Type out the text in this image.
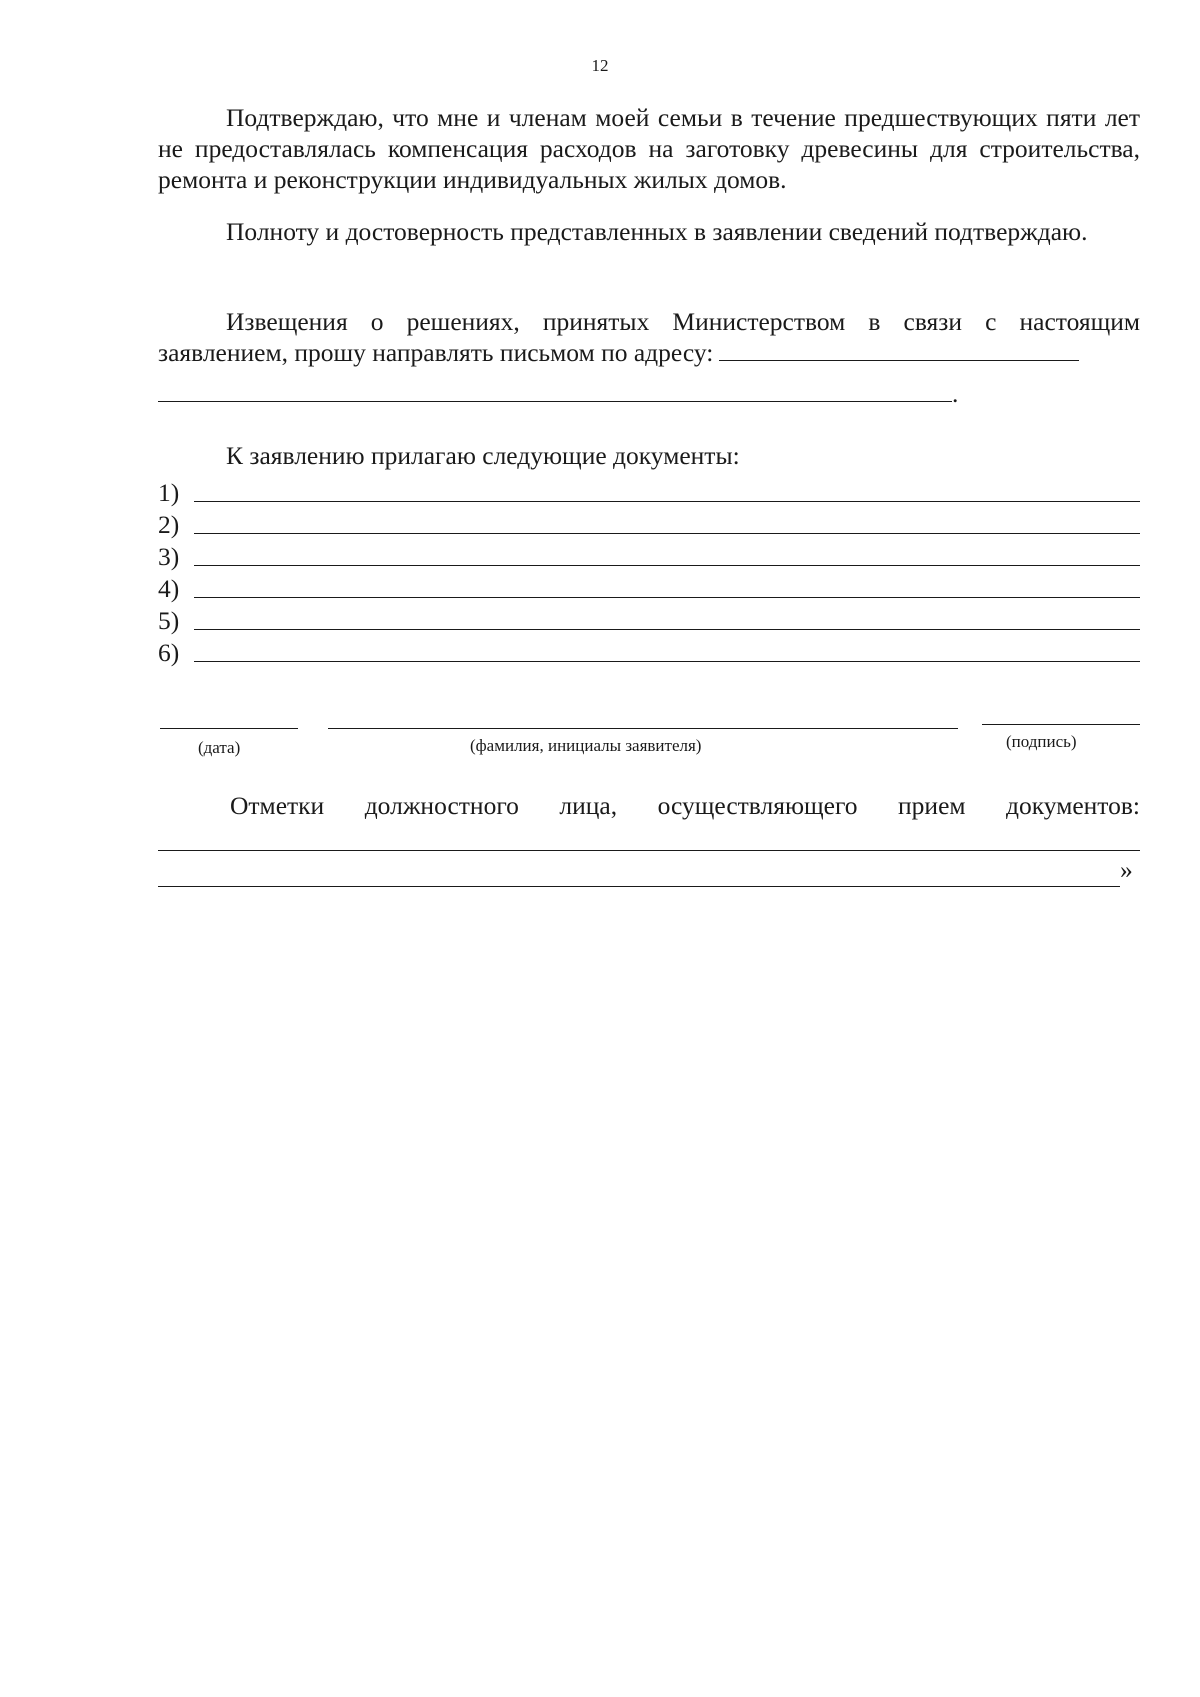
12

Подтверждаю, что мне и членам моей семьи в течение предшествующих пяти лет не предоставлялась компенсация расходов на заготовку древесины для строительства, ремонта и реконструкции индивидуальных жилых домов.

Полноту и достоверность представленных в заявлении сведений подтверждаю.

Извещения о решениях, принятых Министерством в связи с настоящим заявлением, прошу направлять письмом по адресу:

.

К заявлению прилагаю следующие документы:

1)
2)
3)
4)
5)
6)
(дата)	(фамилия, инициалы заявителя)	(подпись)

Отметки должностного лица, осуществляющего прием документов:

»
